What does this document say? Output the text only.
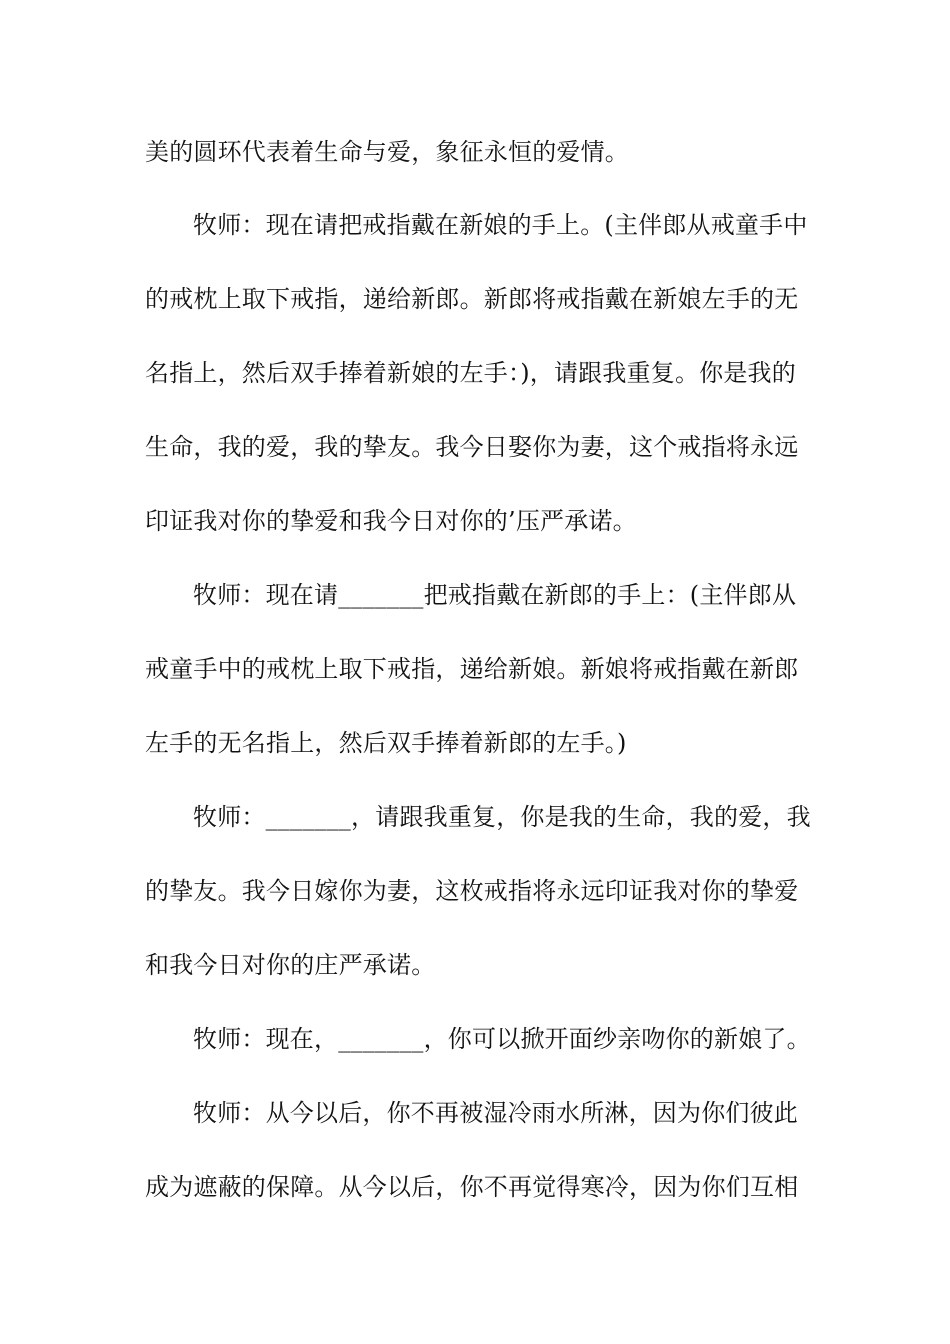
美的圆环代表着生命与爱，象征永恒的爱情。
牧师：现在请把戒指戴在新娘的手上。(主伴郎从戒童手中
的戒枕上取下戒指，递给新郎。新郎将戒指戴在新娘左手的无
名指上，然后双手捧着新娘的左手：)，请跟我重复。你是我的
生命，我的爱，我的挚友。我今日娶你为妻，这个戒指将永远
印证我对你的挚爱和我今日对你的’压严承诺。
牧师：现在请_______把戒指戴在新郎的手上：(主伴郎从
戒童手中的戒枕上取下戒指，递给新娘。新娘将戒指戴在新郎
左手的无名指上，然后双手捧着新郎的左手。)
牧师：_______，请跟我重复，你是我的生命，我的爱，我
的挚友。我今日嫁你为妻，这枚戒指将永远印证我对你的挚爱
和我今日对你的庄严承诺。
牧师：现在，_______，你可以掀开面纱亲吻你的新娘了。
牧师：从今以后，你不再被湿冷雨水所淋，因为你们彼此
成为遮蔽的保障。从今以后，你不再觉得寒冷，因为你们互相
